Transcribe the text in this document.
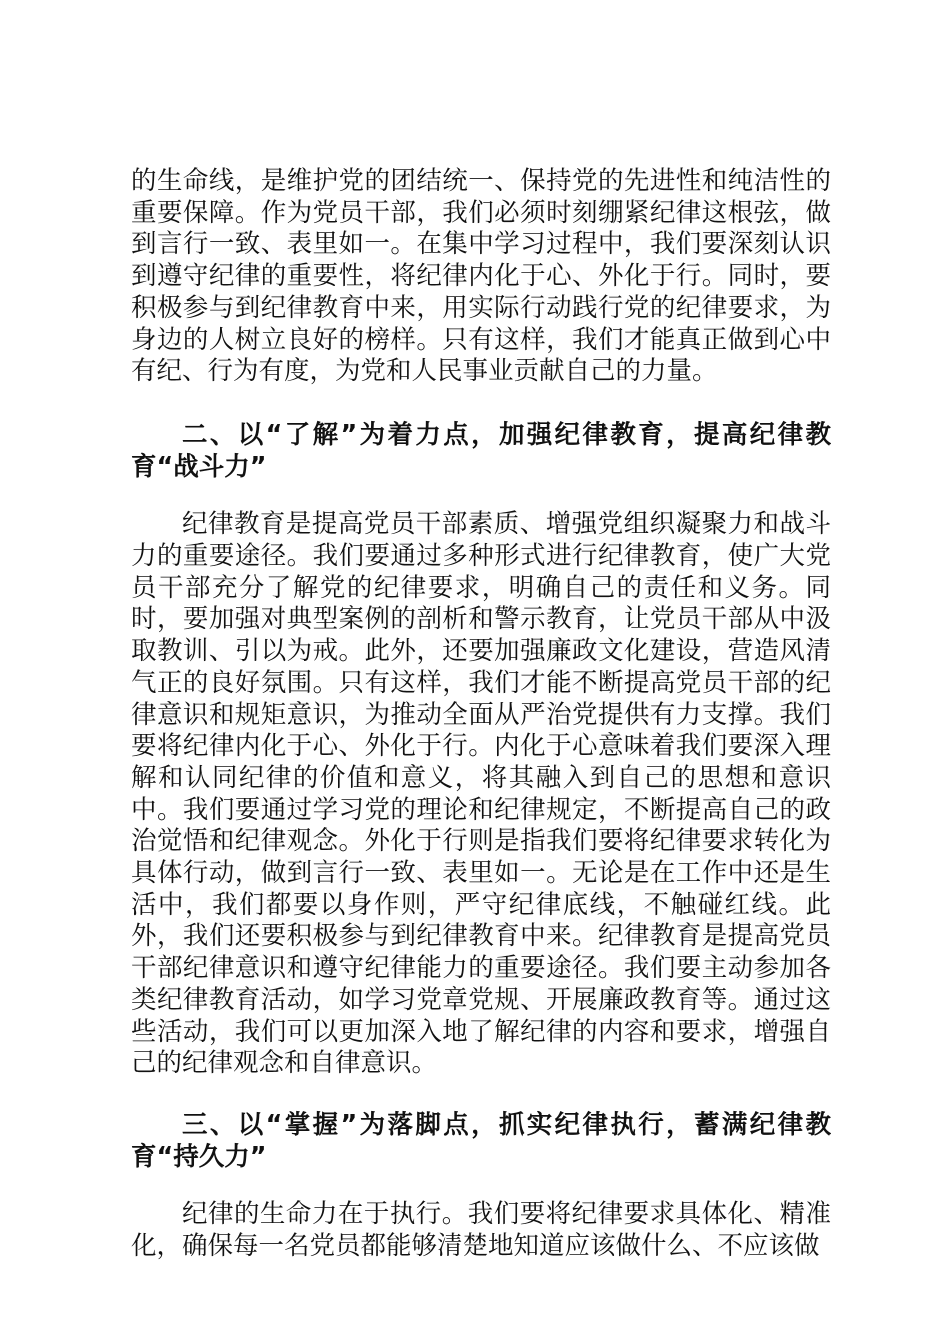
的生命线，是维护党的团结统一、保持党的先进性和纯洁性的重要保障。作为党员干部，我们必须时刻绷紧纪律这根弦，做到言行一致、表里如一。在集中学习过程中，我们要深刻认识到遵守纪律的重要性，将纪律内化于心、外化于行。同时，要积极参与到纪律教育中来，用实际行动践行党的纪律要求，为身边的人树立良好的榜样。只有这样，我们才能真正做到心中有纪、行为有度，为党和人民事业贡献自己的力量。

二、以“了解”为着力点，加强纪律教育，提高纪律教育“战斗力”

纪律教育是提高党员干部素质、增强党组织凝聚力和战斗力的重要途径。我们要通过多种形式进行纪律教育，使广大党员干部充分了解党的纪律要求，明确自己的责任和义务。同时，要加强对典型案例的剖析和警示教育，让党员干部从中汲取教训、引以为戒。此外，还要加强廉政文化建设，营造风清气正的良好氛围。只有这样，我们才能不断提高党员干部的纪律意识和规矩意识，为推动全面从严治党提供有力支撑。我们要将纪律内化于心、外化于行。内化于心意味着我们要深入理解和认同纪律的价值和意义，将其融入到自己的思想和意识中。我们要通过学习党的理论和纪律规定，不断提高自己的政治觉悟和纪律观念。外化于行则是指我们要将纪律要求转化为具体行动，做到言行一致、表里如一。无论是在工作中还是生活中，我们都要以身作则，严守纪律底线，不触碰红线。此外，我们还要积极参与到纪律教育中来。纪律教育是提高党员干部纪律意识和遵守纪律能力的重要途径。我们要主动参加各类纪律教育活动，如学习党章党规、开展廉政教育等。通过这些活动，我们可以更加深入地了解纪律的内容和要求，增强自己的纪律观念和自律意识。

三、以“掌握”为落脚点，抓实纪律执行，蓄满纪律教育“持久力”

纪律的生命力在于执行。我们要将纪律要求具体化、精准化，确保每一名党员都能够清楚地知道应该做什么、不应该做
